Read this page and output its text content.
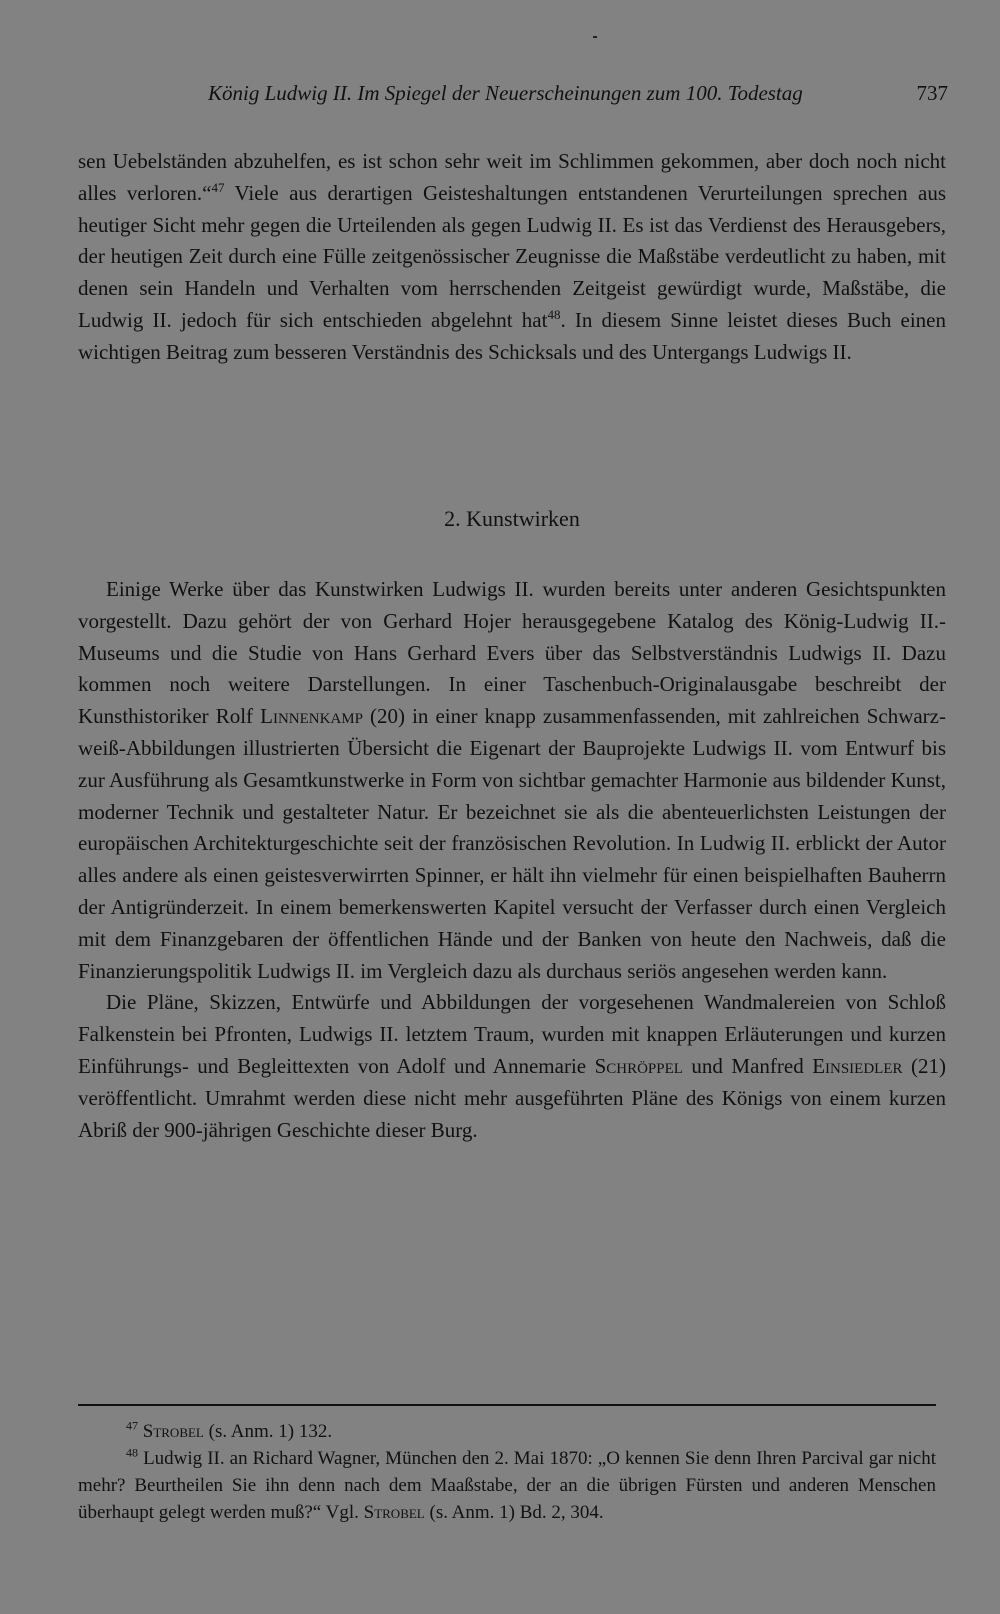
König Ludwig II. Im Spiegel der Neuerscheinungen zum 100. Todestag	737

sen Uebelständen abzuhelfen, es ist schon sehr weit im Schlimmen gekommen, aber doch noch nicht alles verloren.“$^{47}$ Viele aus derartigen Geisteshaltungen entstandenen Verurteilungen sprechen aus heutiger Sicht mehr gegen die Urteilenden als gegen Ludwig II. Es ist das Verdienst des Herausgebers, der heutigen Zeit durch eine Fülle zeitgenössischer Zeugnisse die Maßstäbe verdeutlicht zu haben, mit denen sein Handeln und Verhalten vom herrschenden Zeitgeist gewürdigt wurde, Maßstäbe, die Ludwig II. jedoch für sich entschieden abgelehnt hat$^{48}$. In diesem Sinne leistet dieses Buch einen wichtigen Beitrag zum besseren Verständnis des Schicksals und des Untergangs Ludwigs II.

2. Kunstwirken

Einige Werke über das Kunstwirken Ludwigs II. wurden bereits unter anderen Gesichtspunkten vorgestellt. Dazu gehört der von Gerhard Hojer herausgegebene Katalog des König-Ludwig II.-Museums und die Studie von Hans Gerhard Evers über das Selbstverständnis Ludwigs II. Dazu kommen noch weitere Darstellungen. In einer Taschenbuch-Originalausgabe beschreibt der Kunsthistoriker Rolf Linnenkamp (20) in einer knapp zusammenfassenden, mit zahlreichen Schwarz-weiß-Abbildungen illustrierten Übersicht die Eigenart der Bauprojekte Ludwigs II. vom Entwurf bis zur Ausführung als Gesamtkunstwerke in Form von sichtbar gemachter Harmonie aus bildender Kunst, moderner Technik und gestalteter Natur. Er bezeichnet sie als die abenteuerlichsten Leistungen der europäischen Architekturgeschichte seit der französischen Revolution. In Ludwig II. erblickt der Autor alles andere als einen geistesverwirrten Spinner, er hält ihn vielmehr für einen beispielhaften Bauherrn der Antigründerzeit. In einem bemerkenswerten Kapitel versucht der Verfasser durch einen Vergleich mit dem Finanzgebaren der öffentlichen Hände und der Banken von heute den Nachweis, daß die Finanzierungspolitik Ludwigs II. im Vergleich dazu als durchaus seriös angesehen werden kann.

Die Pläne, Skizzen, Entwürfe und Abbildungen der vorgesehenen Wandmalereien von Schloß Falkenstein bei Pfronten, Ludwigs II. letztem Traum, wurden mit knappen Erläuterungen und kurzen Einführungs- und Begleittexten von Adolf und Annemarie Schröppel und Manfred Einsiedler (21) veröffentlicht. Umrahmt werden diese nicht mehr ausgeführten Pläne des Königs von einem kurzen Abriß der 900-jährigen Geschichte dieser Burg.

$^{47}$ Strobel (s. Anm. 1) 132.

$^{48}$ Ludwig II. an Richard Wagner, München den 2. Mai 1870: „O kennen Sie denn Ihren Parcival gar nicht mehr? Beurtheilen Sie ihn denn nach dem Maaßstabe, der an die übrigen Fürsten und anderen Menschen überhaupt gelegt werden muß?“ Vgl. Strobel (s. Anm. 1) Bd. 2, 304.
